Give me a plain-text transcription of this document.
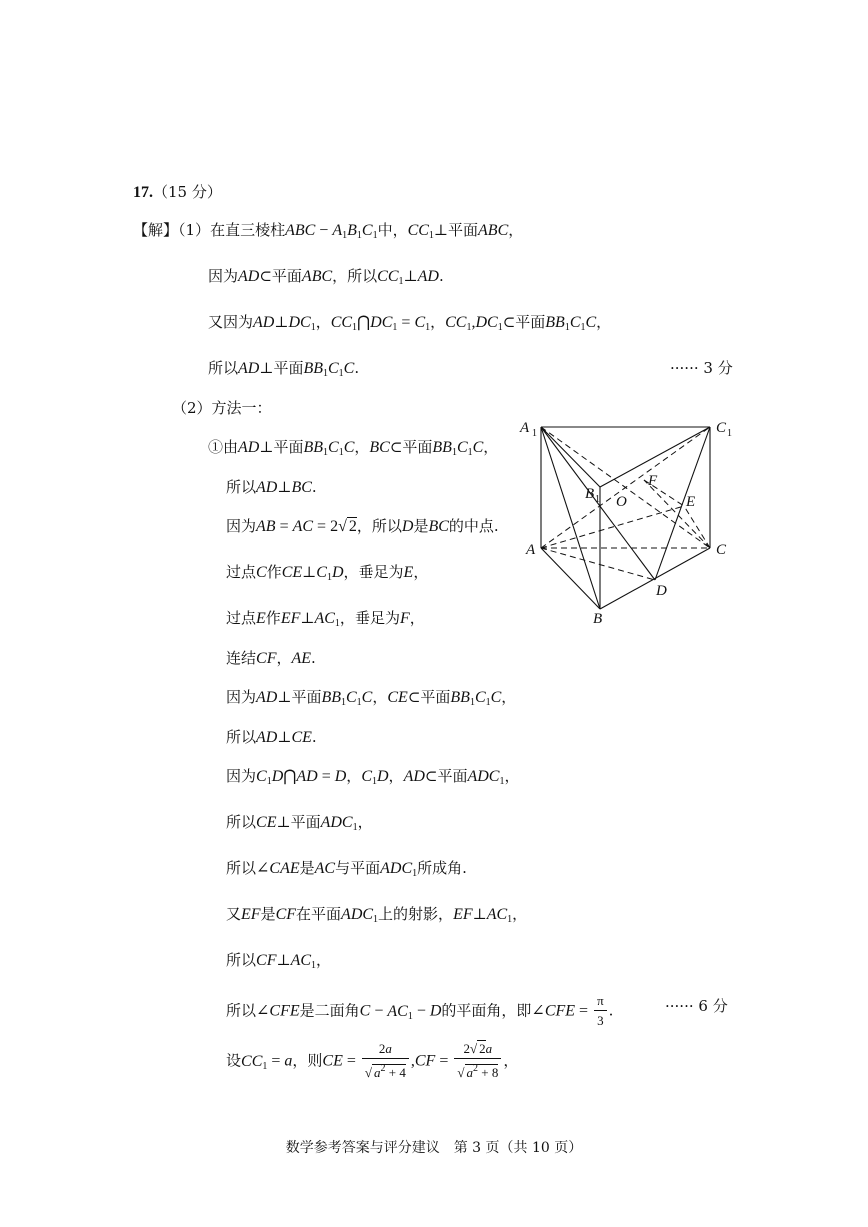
17.（15 分）
【解】（1）在直三棱柱ABC − $A_1B_1C_1$中，$CC_1\perp$平面ABC，
因为AD⊂平面ABC，所以$CC_1\perp AD$.
又因为$AD\perp DC_1$，$CC_1⋂DC_1 = C_1$，$CC_1,DC_1\subset$平面$BB_1C_1C$，
所以AD⊥平面$BB_1C_1C$.	······ 3 分
（2）方法一：
①由AD⊥平面$BB_1C_1C$，BC⊂平面$BB_1C_1C$，
所以AD⊥BC.
因为AB = AC = 2√ 2，所以D是BC的中点.
过点C作$CE\perp C_1D$，垂足为E，
过点E作$EF\perp AC_1$，垂足为F，
连结CF，AE.
因为AD⊥平面$BB_1C_1C$，CE⊂平面$BB_1C_1C$，
所以AD⊥CE.
因为$C_1D⋂AD = D$，$C_1D$，AD⊂平面$ADC_1$，
所以CE⊥平面$ADC_1$，
所以∠CAE是AC与平面$ADC_1$所成角.
又EF是CF在平面$ADC_1$上的射影，$EF\perp AC_1$，
所以$CF\perp AC_1$，
所以∠CFE是二面角$C - AC_1 - D$的平面角，即∠CFE = $\frac{\pi}{3}$ .	······ 6 分
设$CC_1 = a$，则CE = $\frac{2a}{√ a^2 + 4} ,CF = \frac{2√ 2a}{√ a^2 + 8}$ ，
A 1	C 1
B 1 O
F
E
A	C
D
B
数学参考答案与评分建议　第 3 页（共 10 页）
